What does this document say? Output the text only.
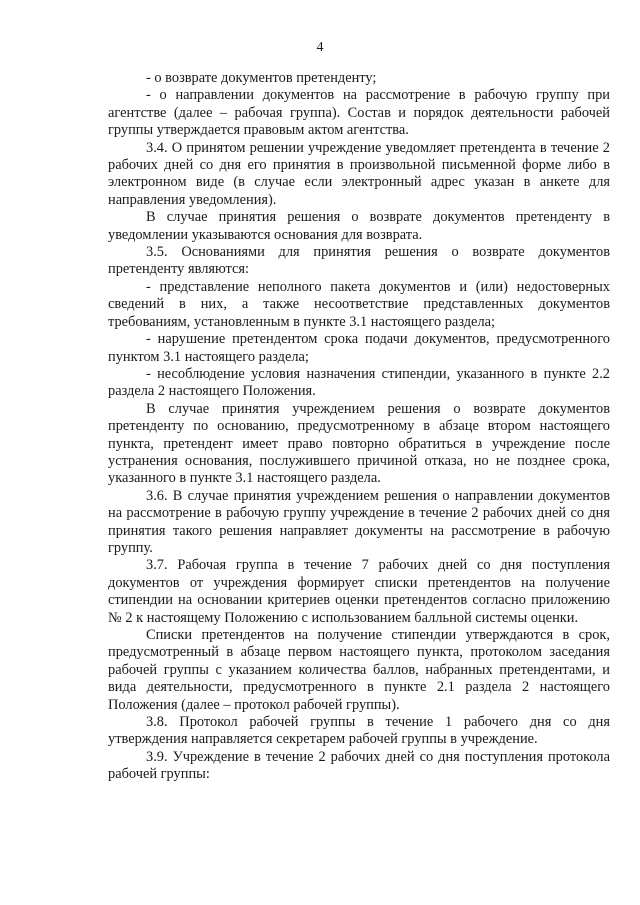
4

- о возврате документов претенденту;

- о направлении документов на рассмотрение в рабочую группу при агентстве (далее – рабочая группа). Состав и порядок деятельности рабочей группы утверждается правовым актом агентства.

3.4. О принятом решении учреждение уведомляет претендента в течение 2 рабочих дней со дня его принятия в произвольной письменной форме либо в электронном виде (в случае если электронный адрес указан в анкете для направления уведомления).

В случае принятия решения о возврате документов претенденту в уведомлении указываются основания для возврата.

3.5. Основаниями для принятия решения о возврате документов претенденту являются:

- представление неполного пакета документов и (или) недостоверных сведений в них, а также несоответствие представленных документов требованиям, установленным в пункте 3.1 настоящего раздела;

- нарушение претендентом срока подачи документов, предусмотренного пунктом 3.1 настоящего раздела;

- несоблюдение условия назначения стипендии, указанного в пункте 2.2 раздела 2 настоящего Положения.

В случае принятия учреждением решения о возврате документов претенденту по основанию, предусмотренному в абзаце втором настоящего пункта, претендент имеет право повторно обратиться в учреждение после устранения основания, послужившего причиной отказа, но не позднее срока, указанного в пункте 3.1 настоящего раздела.

3.6. В случае принятия учреждением решения о направлении документов на рассмотрение в рабочую группу учреждение в течение 2 рабочих дней со дня принятия такого решения направляет документы на рассмотрение в рабочую группу.

3.7. Рабочая группа в течение 7 рабочих дней со дня поступления документов от учреждения формирует списки претендентов на получение стипендии на основании критериев оценки претендентов согласно приложению № 2 к настоящему Положению с использованием балльной системы оценки.

Списки претендентов на получение стипендии утверждаются в срок, предусмотренный в абзаце первом настоящего пункта, протоколом заседания рабочей группы с указанием количества баллов, набранных претендентами, и вида деятельности, предусмотренного в пункте 2.1 раздела 2 настоящего Положения (далее – протокол рабочей группы).

3.8. Протокол рабочей группы в течение 1 рабочего дня со дня утверждения направляется секретарем рабочей группы в учреждение.

3.9. Учреждение в течение 2 рабочих дней со дня поступления протокола рабочей группы:
